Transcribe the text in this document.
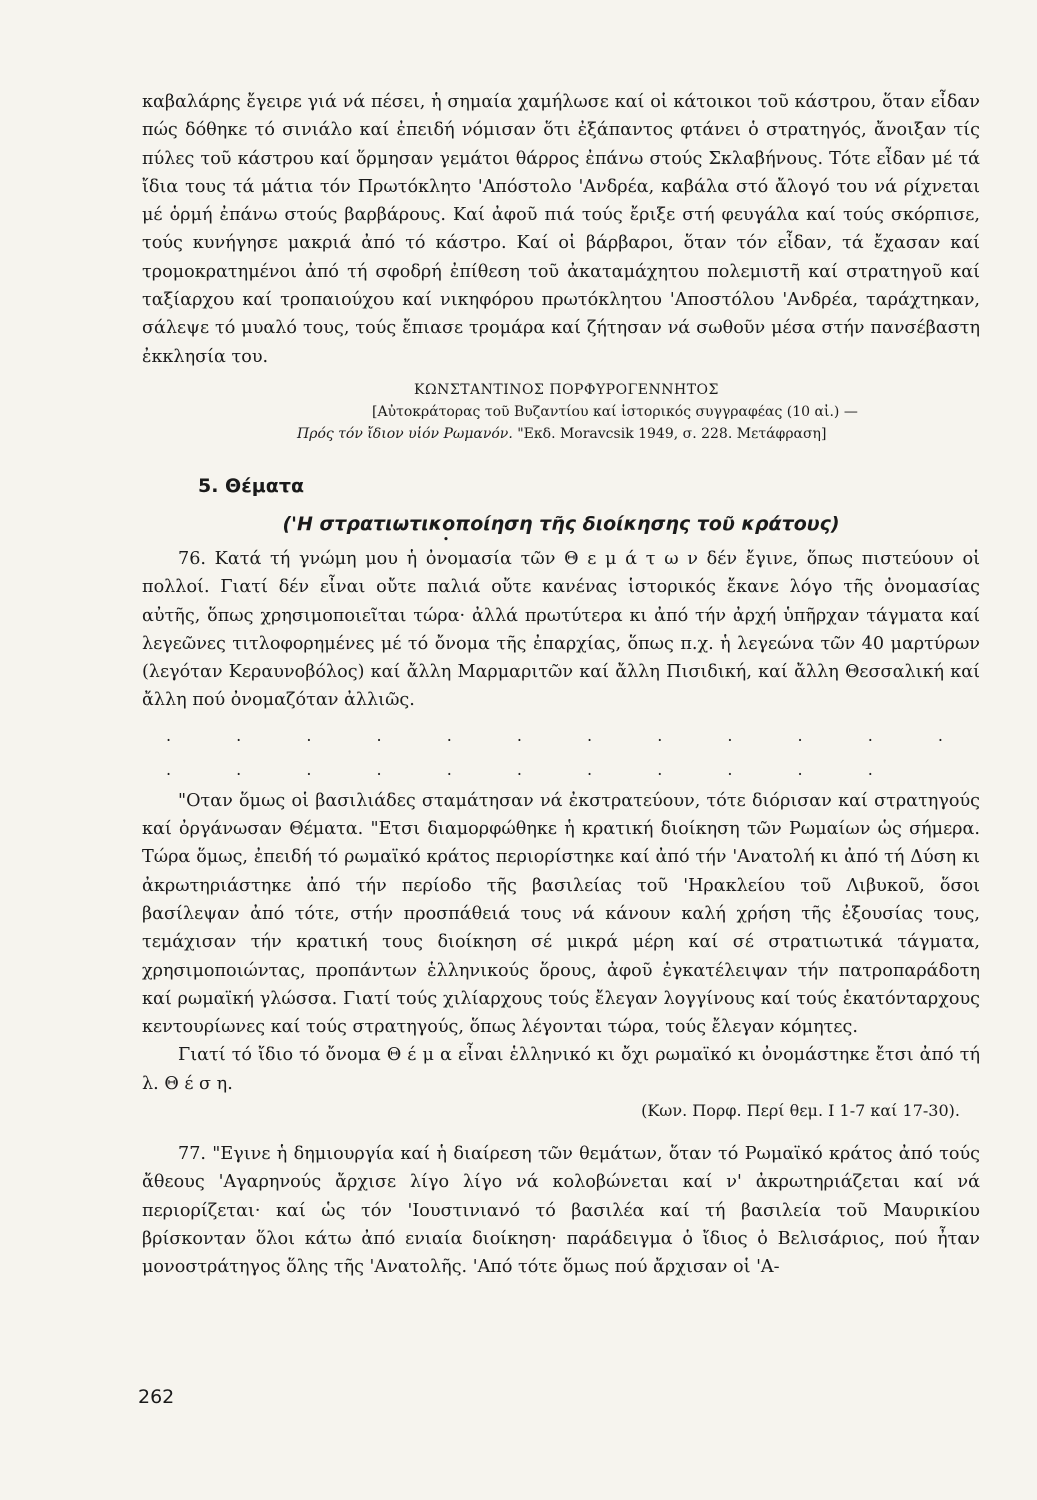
καβαλάρης ἔγειρε γιά νά πέσει, ἡ σημαία χαμήλωσε καί οἱ κάτοικοι τοῦ κάστρου, ὅταν εἶδαν πώς δόθηκε τό σινιάλο καί ἐπειδή νόμισαν ὅτι ἐξάπαντος φτάνει ὁ στρατηγός, ἄνοιξαν τίς πύλες τοῦ κάστρου καί ὅρμησαν γεμάτοι θάρρος ἐπάνω στούς Σκλαβήνους. Τότε εἶδαν μέ τά ἴδια τους τά μάτια τόν Πρωτόκλητο 'Απόστολο 'Ανδρέα, καβάλα στό ἄλογό του νά ρίχνεται μέ ὁρμή ἐπάνω στούς βαρβάρους. Καί ἀφοῦ πιά τούς ἔριξε στή φευγάλα καί τούς σκόρπισε, τούς κυνήγησε μακριά ἀπό τό κάστρο. Καί οἱ βάρβαροι, ὅταν τόν εἶδαν, τά ἔχασαν καί τρομοκρατημένοι ἀπό τή σφοδρή ἐπίθεση τοῦ ἀκαταμάχητου πολεμιστῆ καί στρατηγοῦ καί ταξίαρχου καί τροπαιούχου καί νικηφόρου πρωτόκλητου 'Αποστόλου 'Ανδρέα, ταράχτηκαν, σάλεψε τό μυαλό τους, τούς ἔπιασε τρομάρα καί ζήτησαν νά σωθοῦν μέσα στήν πανσέβαστη ἐκκλησία του.

ΚΩΝΣΤΑΝΤΙΝΟΣ ΠΟΡΦΥΡΟΓΕΝΝΗΤΟΣ

[Αὐτοκράτορας τοῦ Βυζαντίου καί ἱστορικός συγγραφέας (10 αἰ.) —

Πρός τόν ἴδιον υἱόν Ρωμανόν. "Εκδ. Moravcsik 1949, σ. 228. Μετάφραση]

5. Θέματα
('Η στρατιωτικοποίηση τῆς διοίκησης τοῦ κράτους)
•

76. Κατά τή γνώμη μου ἡ ὀνομασία τῶν Θ ε μ ά τ ω ν δέν ἔγινε, ὅπως πιστεύουν οἱ πολλοί. Γιατί δέν εἶναι οὔτε παλιά οὔτε κανένας ἱστορικός ἔκανε λόγο τῆς ὀνομασίας αὐτῆς, ὅπως χρησιμοποιεῖται τώρα· ἀλλά πρωτύτερα κι ἀπό τήν ἀρχή ὑπῆρχαν τάγματα καί λεγεῶνες τιτλοφορημένες μέ τό ὄνομα τῆς ἐπαρχίας, ὅπως π.χ. ἡ λεγεώνα τῶν 40 μαρτύρων (λεγόταν Κεραυνοβόλος) καί ἄλλη Μαρμαριτῶν καί ἄλλη Πισιδική, καί ἄλλη Θεσσαλική καί ἄλλη πού ὀνομαζόταν ἀλλιῶς.

. . . . . . . . . . . . . . . . . . . . . . .

"Οταν ὅμως οἱ βασιλιάδες σταμάτησαν νά ἐκστρατεύουν, τότε διόρισαν καί στρατηγούς καί ὀργάνωσαν Θέματα. "Ετσι διαμορφώθηκε ἡ κρατική διοίκηση τῶν Ρωμαίων ὡς σήμερα. Τώρα ὅμως, ἐπειδή τό ρωμαϊκό κράτος περιορίστηκε καί ἀπό τήν 'Ανατολή κι ἀπό τή Δύση κι ἀκρωτηριάστηκε ἀπό τήν περίοδο τῆς βασιλείας τοῦ 'Ηρακλείου τοῦ Λιβυκοῦ, ὅσοι βασίλεψαν ἀπό τότε, στήν προσπάθειά τους νά κάνουν καλή χρήση τῆς ἐξουσίας τους, τεμάχισαν τήν κρατική τους διοίκηση σέ μικρά μέρη καί σέ στρατιωτικά τάγματα, χρησιμοποιώντας, προπάντων ἑλληνικούς ὅρους, ἀφοῦ ἐγκατέλειψαν τήν πατροπαράδοτη καί ρωμαϊκή γλώσσα. Γιατί τούς χιλίαρχους τούς ἔλεγαν λογγίνους καί τούς ἑκατόνταρχους κεντουρίωνες καί τούς στρατηγούς, ὅπως λέγονται τώρα, τούς ἔλεγαν κόμητες.

Γιατί τό ἴδιο τό ὄνομα Θ έ μ α εἶναι ἑλληνικό κι ὄχι ρωμαϊκό κι ὀνομάστηκε ἔτσι ἀπό τή λ. Θ έ σ η.

(Κων. Πορφ. Περί θεμ. Ι 1-7 καί 17-30).

77. "Εγινε ἡ δημιουργία καί ἡ διαίρεση τῶν θεμάτων, ὅταν τό Ρωμαϊκό κράτος ἀπό τούς ἄθεους 'Αγαρηνούς ἄρχισε λίγο λίγο νά κολοβώνεται καί ν' ἀκρωτηριάζεται καί νά περιορίζεται· καί ὡς τόν 'Ιουστινιανό τό βασιλέα καί τή βασιλεία τοῦ Μαυρικίου βρίσκονταν ὅλοι κάτω ἀπό ενιαία διοίκηση· παράδειγμα ὁ ἴδιος ὁ Βελισάριος, πού ἦταν μονοστράτηγος ὅλης τῆς 'Ανατολῆς. 'Από τότε ὅμως πού ἄρχισαν οἱ 'Α-

262
